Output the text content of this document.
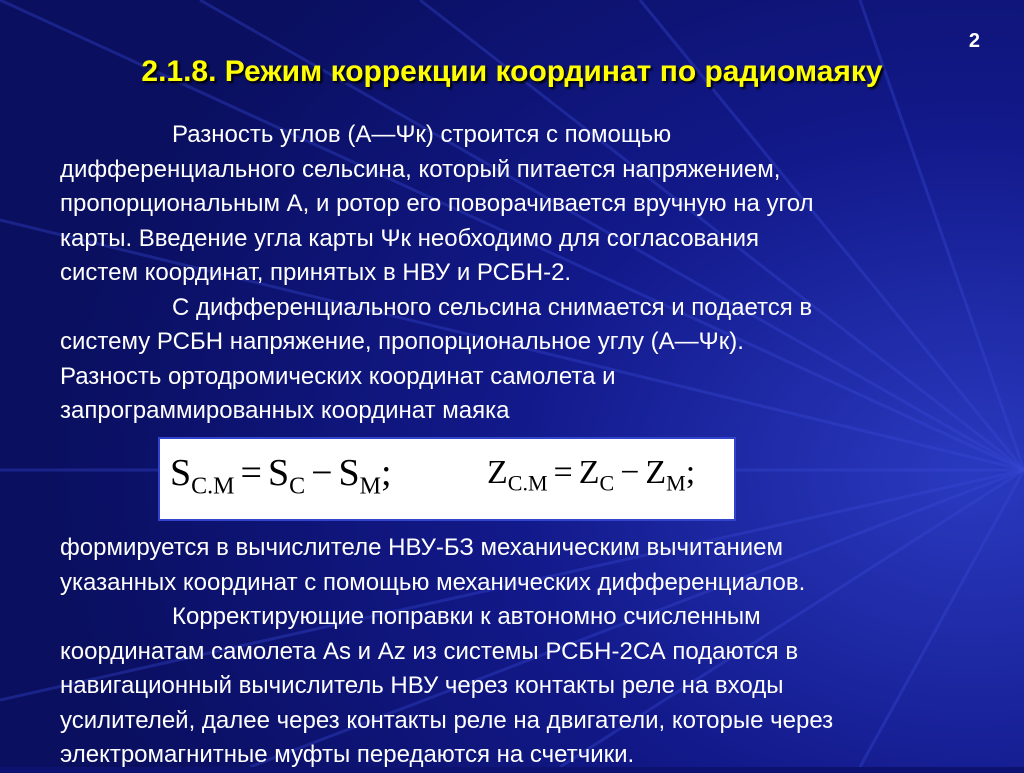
2
2.1.8. Режим коррекции координат по радиомаяку
Разность углов (А—Ψк) строится с помощью
дифференциального сельсина, который питается напряжением,
пропорциональным А, и ротор его поворачивается вручную на угол
карты. Введение угла карты Ψк необходимо для согласования
систем координат, принятых в НВУ и РСБН-2.
С дифференциального сельсина снимается и подается в
систему РСБН напряжение, пропорциональное углу (А—Ψк).
Разность ортодромических координат самолета и
запрограммированных координат маяка
$S_{C.M} = S_C - S_M$;	$Z_{C.M} = Z_C - Z_M$;
формируется в вычислителе НВУ-БЗ механическим вычитанием
указанных координат с помощью механических дифференциалов.
Корректирующие поправки к автономно счисленным
координатам самолета As и Az из системы РСБН-2СА подаются в
навигационный вычислитель НВУ через контакты реле на входы
усилителей, далее через контакты реле на двигатели, которые через
электромагнитные муфты передаются на счетчики.
